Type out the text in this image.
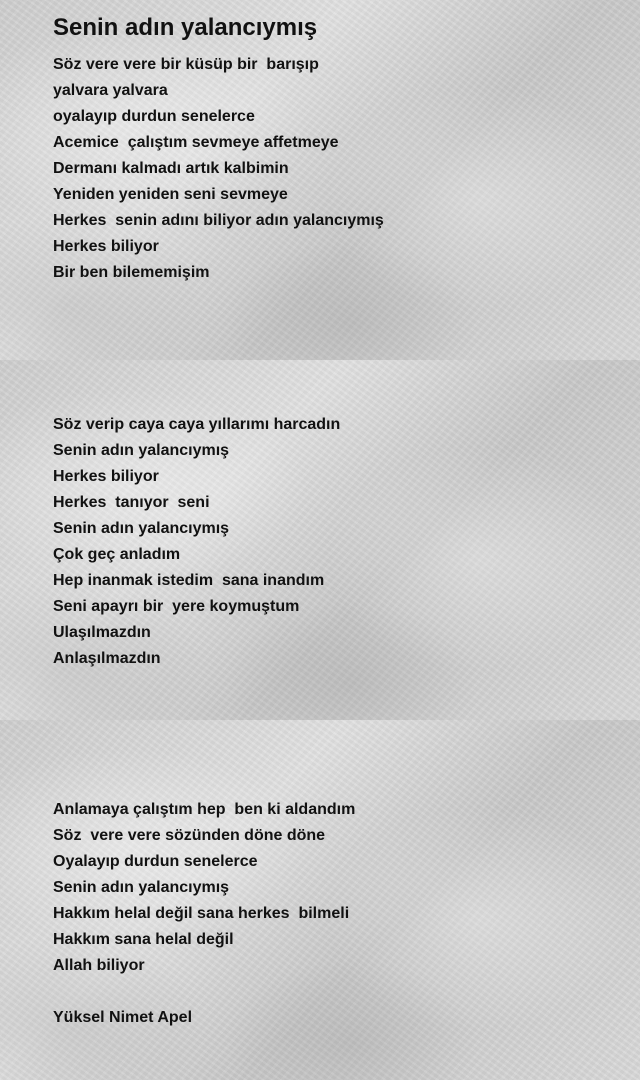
Senin adın yalancıymış
Söz vere vere bir küsüp bir  barışıp
yalvara yalvara
oyalayıp durdun senelerce
Acemice  çalıştım sevmeye affetmeye
Dermanı kalmadı artık kalbimin
Yeniden yeniden seni sevmeye
Herkes  senin adını biliyor adın yalancıymış
Herkes biliyor
Bir ben bilememişim
Söz verip caya caya yıllarımı harcadın
Senin adın yalancıymış
Herkes biliyor
Herkes  tanıyor  seni
Senin adın yalancıymış
Çok geç anladım
Hep inanmak istedim  sana inandım
Seni apayrı bir  yere koymuştum
Ulaşılmazdın
Anlaşılmazdın
Anlamaya çalıştım hep  ben ki aldandım
Söz  vere vere sözünden döne döne
Oyalayıp durdun senelerce
Senin adın yalancıymış
Hakkım helal değil sana herkes  bilmeli
Hakkım sana helal değil
Allah biliyor

Yüksel Nimet Apel
